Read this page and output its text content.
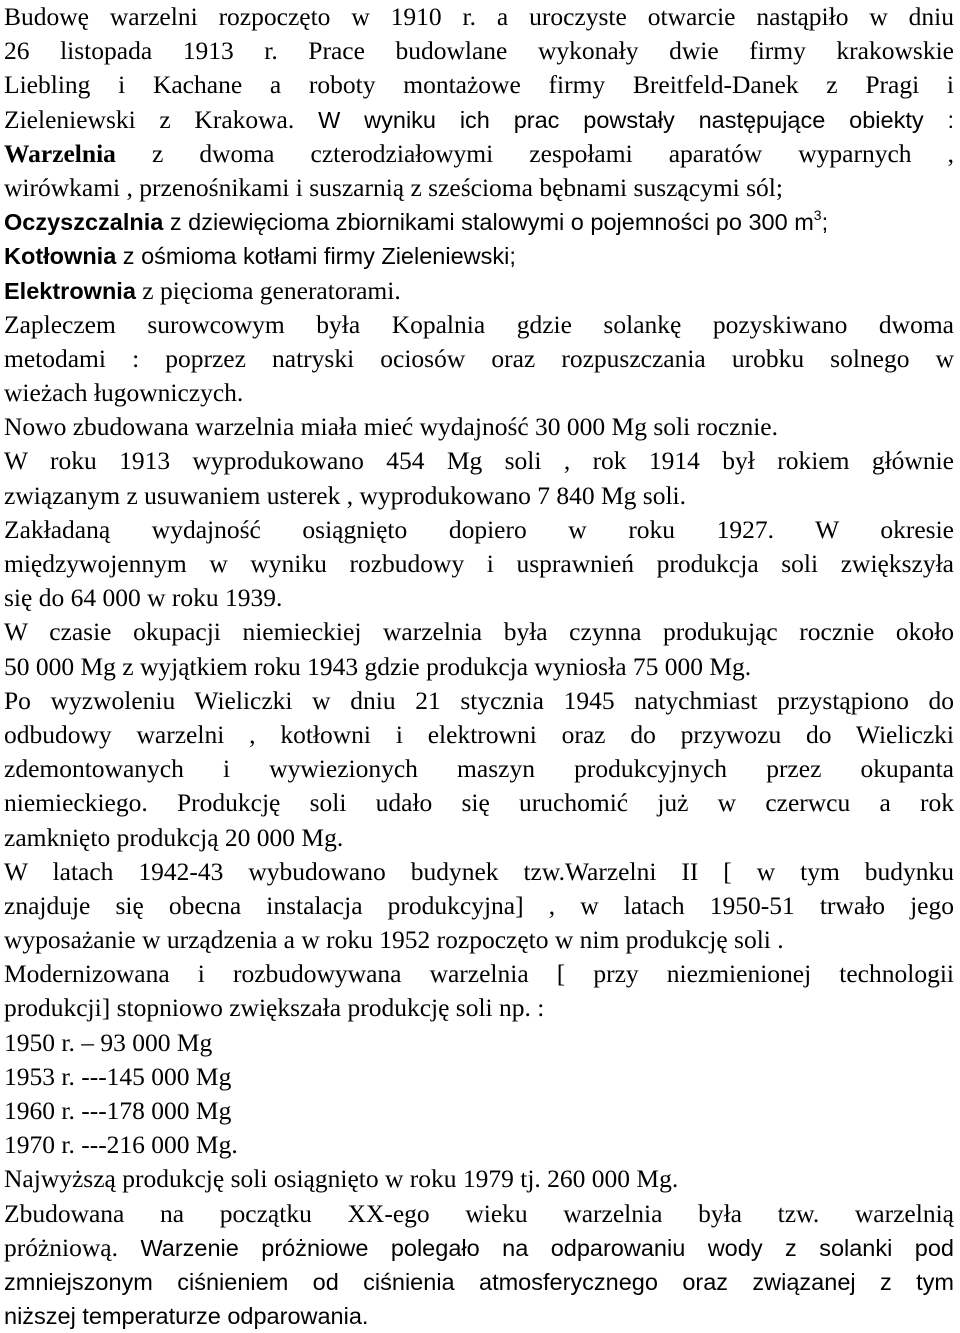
Budowę warzelni rozpoczęto w 1910 r. a uroczyste otwarcie nastąpiło w dniu
26 listopada 1913 r. Prace budowlane wykonały dwie firmy krakowskie
Liebling i Kachane a roboty montażowe firmy Breitfeld-Danek z Pragi i
Zieleniewski z Krakowa. W wyniku ich prac powstały następujące obiekty :
Warzelnia z dwoma czterodziałowymi zespołami aparatów wyparnych ,
wirówkami , przenośnikami i suszarnią z sześcioma bębnami suszącymi sól;
Oczyszczalnia z dziewięcioma zbiornikami stalowymi o pojemności po 300 $m^3$;
Kotłownia z ośmioma kotłami firmy Zieleniewski;
Elektrownia z pięcioma generatorami.
Zapleczem surowcowym była Kopalnia gdzie solankę pozyskiwano dwoma
metodami : poprzez natryski ociosów oraz rozpuszczania urobku solnego w
wieżach ługowniczych.
Nowo zbudowana warzelnia miała mieć wydajność 30 000 Mg soli rocznie.
W roku 1913 wyprodukowano 454 Mg soli , rok 1914 był rokiem głównie
związanym z usuwaniem usterek , wyprodukowano 7 840 Mg soli.
Zakładaną wydajność osiągnięto dopiero w roku 1927. W okresie
międzywojennym w wyniku rozbudowy i usprawnień produkcja soli zwiększyła
się do 64 000 w roku 1939.
W czasie okupacji niemieckiej warzelnia była czynna produkując rocznie około
50 000 Mg z wyjątkiem roku 1943 gdzie produkcja wyniosła 75 000 Mg.
Po wyzwoleniu Wieliczki w dniu 21 stycznia 1945 natychmiast przystąpiono do
odbudowy warzelni , kotłowni i elektrowni oraz do przywozu do Wieliczki
zdemontowanych i wywiezionych maszyn produkcyjnych przez okupanta
niemieckiego. Produkcję soli udało się uruchomić już w czerwcu a rok
zamknięto produkcją 20 000 Mg.
W latach 1942-43 wybudowano budynek tzw.Warzelni II [ w tym budynku
znajduje się obecna instalacja produkcyjna] , w latach 1950-51 trwało jego
wyposażanie w urządzenia a w roku 1952 rozpoczęto w nim produkcję soli .
Modernizowana i rozbudowywana warzelnia [ przy niezmienionej technologii
produkcji] stopniowo zwiększała produkcję soli np. :
1950 r. – 93 000 Mg
1953 r. ---145 000 Mg
1960 r. ---178 000 Mg
1970 r. ---216 000 Mg.
Najwyższą produkcję soli osiągnięto w roku 1979 tj. 260 000 Mg.
Zbudowana na początku XX-ego wieku warzelnia była tzw. warzelnią
próżniową. Warzenie próżniowe polegało na odparowaniu wody z solanki pod
zmniejszonym ciśnieniem od ciśnienia atmosferycznego oraz związanej z tym
niższej temperaturze odparowania.
